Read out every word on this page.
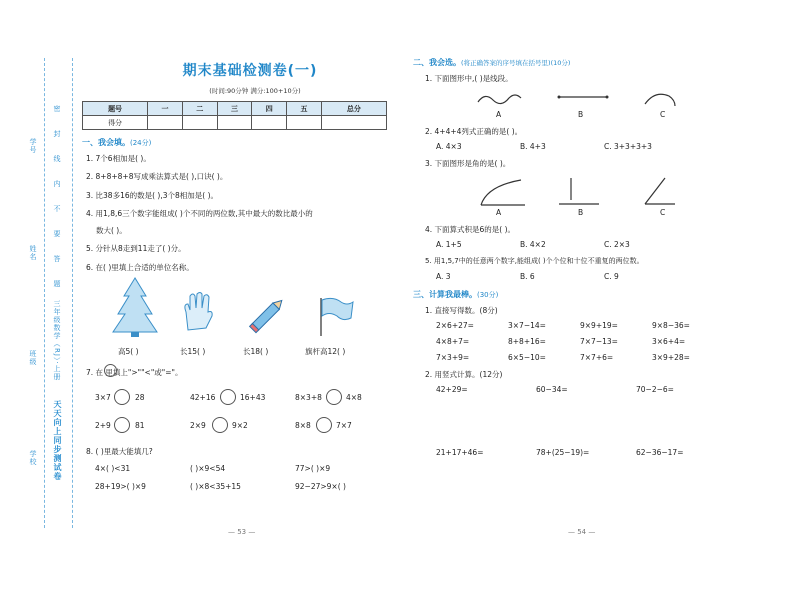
学号
姓名
班级
学校
密
封
线
内
不
要
答
题
三年级数学（RJ）·上册
天天向上同步测试卷
期末基础检测卷(一)
(时间:90分钟 满分:100+10分)
题号	一	二	三	四	五	总分
得分						
一、我会填。(24分)
1. 7个6相加是( )。
2. 8+8+8+8写成乘法算式是( ),口诀( )。
3. 比38多16的数是( ),3个8相加是( )。
4. 用1,8,6三个数字能组成( )个不同的两位数,其中最大的数比最小的
数大( )。
5. 分针从8走到11走了( )分。
6. 在( )里填上合适的单位名称。
高5( )	长15( )	长18( )	旗杆高12( )
7. 在 里填上">""<"或"="。
3×7	28	42+16	16+43	8×3+8	4×8
2+9	81	2×9	9×2	8×8	7×7
8. ( )里最大能填几?
4×( )<31	( )×9<54	77>( )×9
28+19>( )×9	( )×8<35+15	92−27>9×( )
— 53 —
二、我会选。(将正确答案的序号填在括号里)(10分)
1. 下面图形中,( )是线段。
A	B	C
2. 4+4+4列式正确的是( )。
A. 4×3	B. 4+3	C. 3+3+3+3
3. 下面图形是角的是( )。
A	B	C
4. 下面算式积是6的是( )。
A. 1+5	B. 4×2	C. 2×3
5. 用1,5,7中的任意两个数字,能组成( )个个位和十位不重复的两位数。
A. 3	B. 6	C. 9
三、计算我最棒。(30分)
1. 直接写得数。(8分)
2×6+27=	3×7−14=	9×9+19=	9×8−36=
4×8+7=	8+8+16=	7×7−13=	3×6+4=
7×3+9=	6×5−10=	7×7+6=	3×9+28=
2. 用竖式计算。(12分)
42+29=	60−34=	70−2−6=
21+17+46=	78+(25−19)=	62−36−17=
— 54 —
